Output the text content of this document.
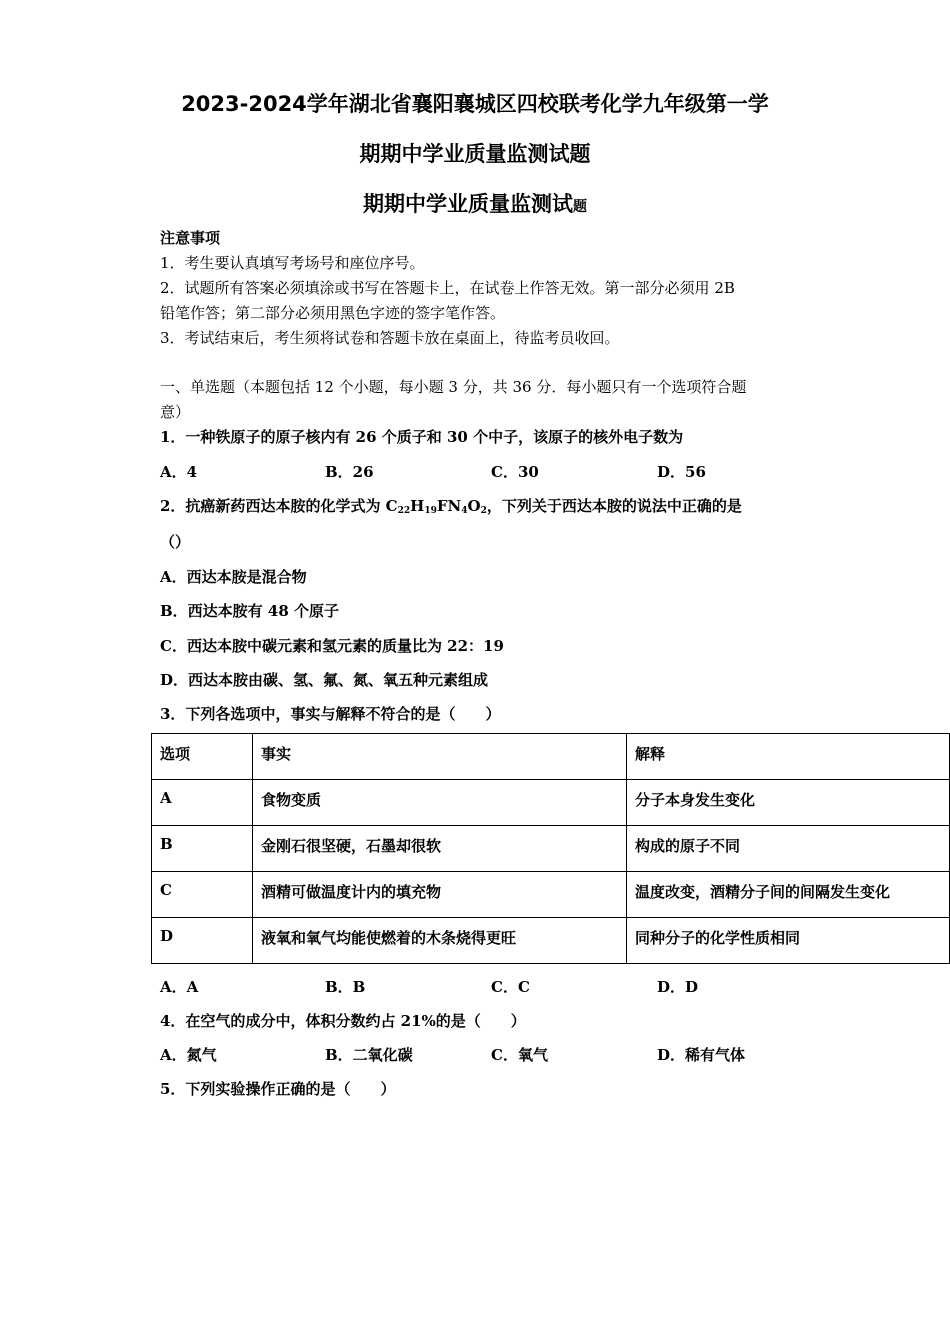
2023-2024学年湖北省襄阳襄城区四校联考化学九年级第一学
期期中学业质量监测试题
期期中学业质量监测试题
注意事项
1．考生要认真填写考场号和座位序号。
2．试题所有答案必须填涂或书写在答题卡上，在试卷上作答无效。第一部分必须用 2B
铅笔作答；第二部分必须用黑色字迹的签字笔作答。
3．考试结束后，考生须将试卷和答题卡放在桌面上，待监考员收回。
一、单选题（本题包括 12 个小题，每小题 3 分，共 36 分．每小题只有一个选项符合题
意）
1．一种铁原子的原子核内有 26 个质子和 30 个中子，该原子的核外电子数为
A．4	B．26	C．30	D．56
2．抗癌新药西达本胺的化学式为 $C_{22}H_{19}FN_4O_2$，下列关于西达本胺的说法中正确的是
（）
A．西达本胺是混合物
B．西达本胺有 48 个原子
C．西达本胺中碳元素和氢元素的质量比为 22：19
D．西达本胺由碳、氢、氟、氮、氧五种元素组成
3．下列各选项中，事实与解释不符合的是（　　）
选项	事实	解释
A	食物变质	分子本身发生变化
B	金刚石很坚硬，石墨却很软	构成的原子不同
C	酒精可做温度计内的填充物	温度改变，酒精分子间的间隔发生变化
D	液氧和氧气均能使燃着的木条烧得更旺	同种分子的化学性质相同
A．A	B．B	C．C	D．D
4．在空气的成分中，体积分数约占 21%的是（　　）
A．氮气	B．二氧化碳	C．氧气	D．稀有气体
5．下列实验操作正确的是（　　）
